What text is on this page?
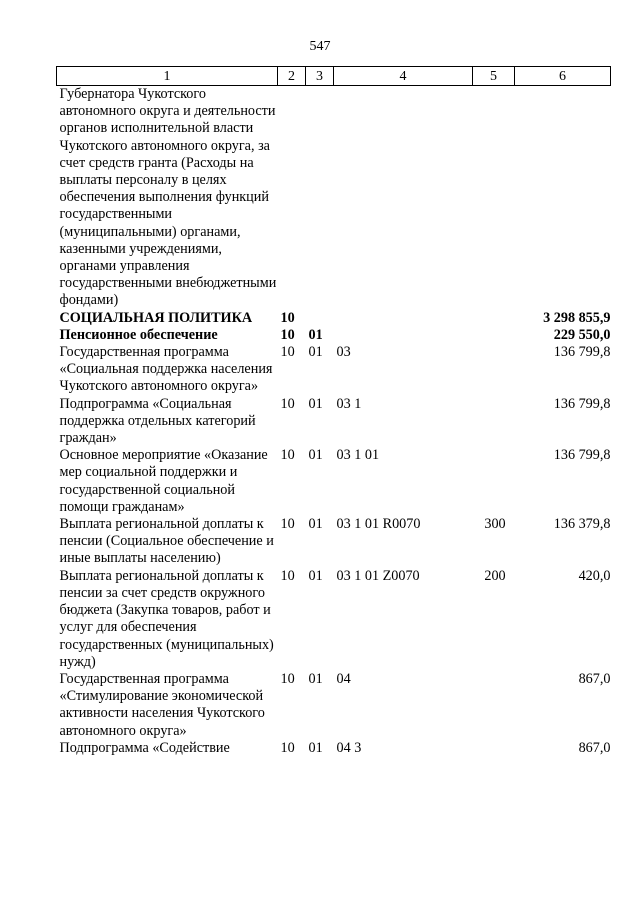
547
1	2	3	4	5	6
Губернатора Чукотского автономного округа и деятельности органов исполнительной власти Чукотского автономного округа, за счет средств гранта (Расходы на выплаты персоналу в целях обеспечения выполнения функций государственными (муниципальными) органами, казенными учреждениями, органами управления государственными внебюджетными фондами)					
СОЦИАЛЬНАЯ ПОЛИТИКА	10				3 298 855,9
Пенсионное обеспечение	10	01			229 550,0
Государственная программа «Социальная поддержка населения Чукотского автономного округа»	10	01	03		136 799,8
Подпрограмма «Социальная поддержка отдельных категорий граждан»	10	01	03 1		136 799,8
Основное мероприятие «Оказание мер социальной поддержки и государственной социальной помощи гражданам»	10	01	03 1 01		136 799,8
Выплата региональной доплаты к пенсии (Социальное обеспечение и иные выплаты населению)	10	01	03 1 01 R0070	300	136 379,8
Выплата региональной доплаты к пенсии за счет средств окружного бюджета (Закупка товаров, работ и услуг для обеспечения государственных (муниципальных) нужд)	10	01	03 1 01 Z0070	200	420,0
Государственная программа «Стимулирование экономической активности населения Чукотского автономного округа»	10	01	04		867,0
Подпрограмма «Содействие	10	01	04 3		867,0
